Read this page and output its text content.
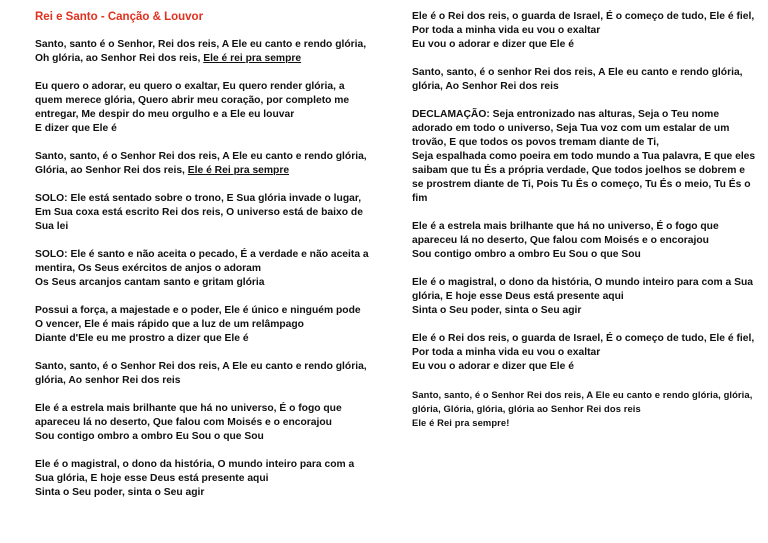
Rei e Santo - Canção & Louvor
Santo, santo é o Senhor, Rei dos reis, A Ele eu canto e rendo glória, Oh glória, ao Senhor Rei dos reis, Ele é rei pra sempre
Eu quero o adorar, eu quero o exaltar, Eu quero render glória, a quem merece glória, Quero abrir meu coração, por completo me entregar, Me despir do meu orgulho e a Ele eu louvar
E dizer que Ele é
Santo, santo, é o Senhor Rei dos reis, A Ele eu canto e rendo glória, Glória, ao Senhor Rei dos reis, Ele é Rei pra sempre
SOLO: Ele está sentado sobre o trono, E Sua glória invade o lugar, Em Sua coxa está escrito Rei dos reis, O universo está de baixo de Sua lei
SOLO: Ele é santo e não aceita o pecado, É a verdade e não aceita a mentira, Os Seus exércitos de anjos o adoram
Os Seus arcanjos cantam santo e gritam glória
Possui a força, a majestade e o poder, Ele é único e ninguém pode O vencer, Ele é mais rápido que a luz de um relâmpago
Diante d'Ele eu me prostro a dizer que Ele é
Santo, santo, é o Senhor Rei dos reis, A Ele eu canto e rendo glória, glória, Ao senhor Rei dos reis
Ele é a estrela mais brilhante que há no universo, É o fogo que apareceu lá no deserto, Que falou com Moisés e o encorajou
Sou contigo ombro a ombro Eu Sou o que Sou
Ele é o magistral, o dono da história, O mundo inteiro para com a Sua glória, E hoje esse Deus está presente aqui
Sinta o Seu poder, sinta o Seu agir
Ele é o Rei dos reis, o guarda de Israel, É o começo de tudo, Ele é fiel, Por toda a minha vida eu vou o exaltar
Eu vou o adorar e dizer que Ele é
Santo, santo, é o senhor Rei dos reis, A Ele eu canto e rendo glória, glória, Ao Senhor Rei dos reis
DECLAMAÇÃO: Seja entronizado nas alturas, Seja o Teu nome adorado em todo o universo, Seja Tua voz com um estalar de um trovão, E que todos os povos tremam diante de Ti,
Seja espalhada como poeira em todo mundo a Tua palavra, E que eles saibam que tu És a própria verdade, Que todos joelhos se dobrem e se prostrem diante de Ti, Pois Tu És o começo, Tu És o meio, Tu És o fim
Ele é a estrela mais brilhante que há no universo, É o fogo que apareceu lá no deserto, Que falou com Moisés e o encorajou
Sou contigo ombro a ombro Eu Sou o que Sou
Ele é o magistral, o dono da história, O mundo inteiro para com a Sua glória, E hoje esse Deus está presente aqui
Sinta o Seu poder, sinta o Seu agir
Ele é o Rei dos reis, o guarda de Israel, É o começo de tudo, Ele é fiel, Por toda a minha vida eu vou o exaltar
Eu vou o adorar e dizer que Ele é
Santo, santo, é o Senhor Rei dos reis, A Ele eu canto e rendo glória, glória, glória, Glória, glória, glória ao Senhor Rei dos reis
Ele é Rei pra sempre!
